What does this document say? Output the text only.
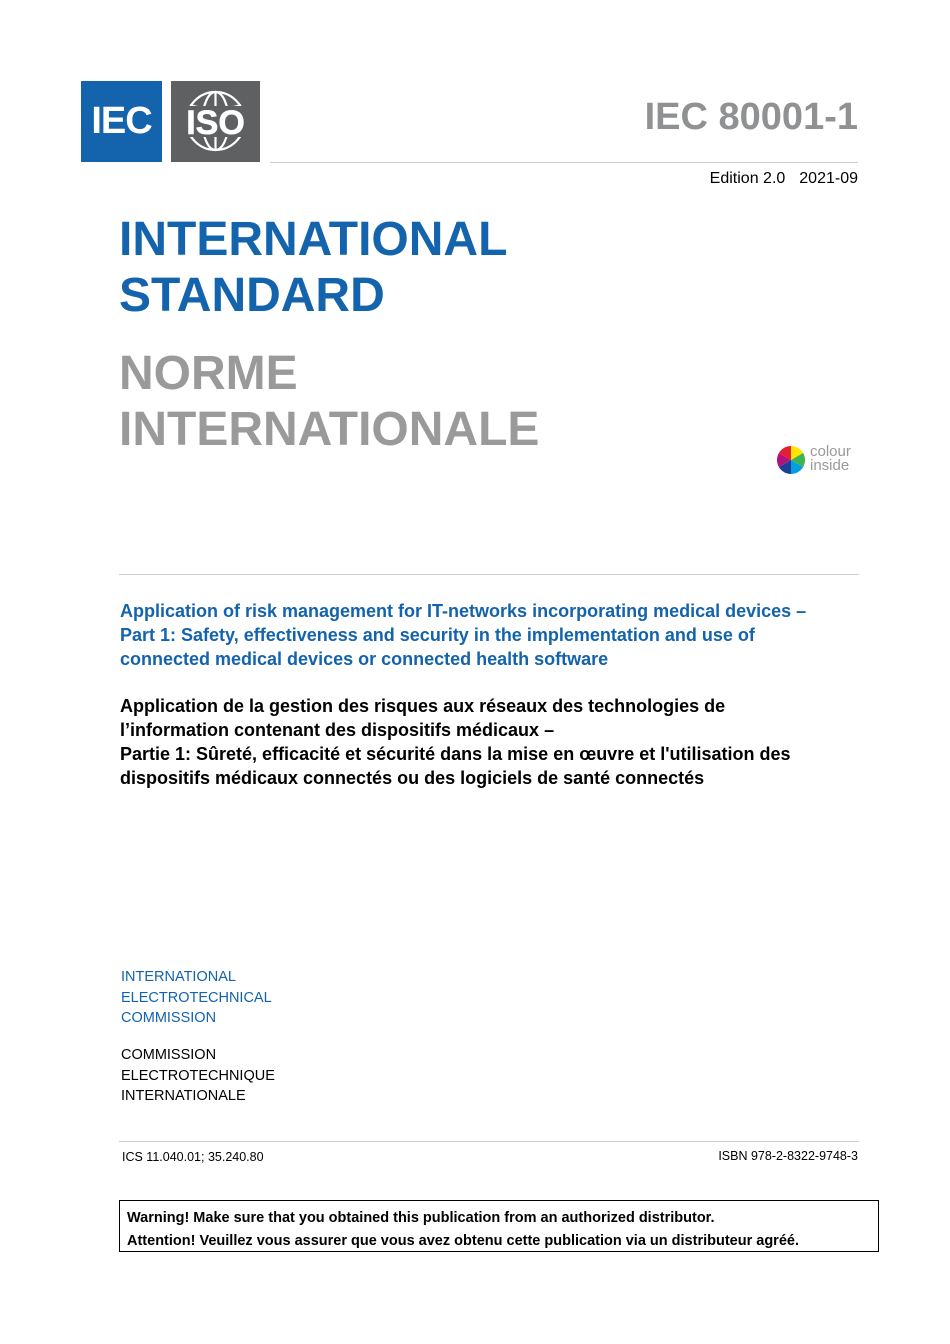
IEC	ISO	IEC 80001-1
Edition 2.0 2021-09
INTERNATIONAL
STANDARD
NORME
INTERNATIONALE	colour
inside
Application of risk management for IT-networks incorporating medical devices –
Part 1: Safety, effectiveness and security in the implementation and use of
connected medical devices or connected health software
Application de la gestion des risques aux réseaux des technologies de
l’information contenant des dispositifs médicaux –
Partie 1: Sûreté, efficacité et sécurité dans la mise en œuvre et l'utilisation des
dispositifs médicaux connectés ou des logiciels de santé connectés
INTERNATIONAL
ELECTROTECHNICAL
COMMISSION
COMMISSION
ELECTROTECHNIQUE
INTERNATIONALE
ICS 11.040.01; 35.240.80	ISBN 978-2-8322-9748-3
Warning! Make sure that you obtained this publication from an authorized distributor.
Attention! Veuillez vous assurer que vous avez obtenu cette publication via un distributeur agréé.
